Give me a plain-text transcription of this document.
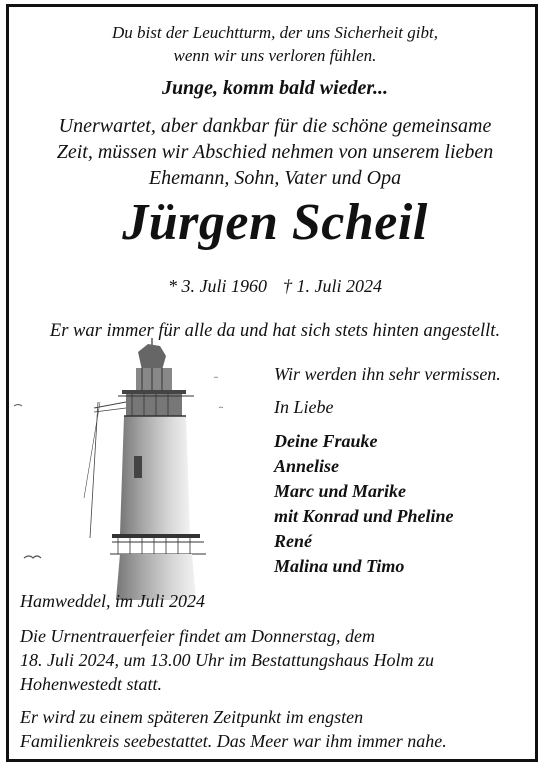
Du bist der Leuchtturm, der uns Sicherheit gibt,
wenn wir uns verloren fühlen.
Junge, komm bald wieder...
Unerwartet, aber dankbar für die schöne gemeinsame
Zeit, müssen wir Abschied nehmen von unserem lieben
Ehemann, Sohn, Vater und Opa
Jürgen Scheil
* 3. Juli 1960 † 1. Juli 2024
Er war immer für alle da und hat sich stets hinten angestellt.
Wir werden ihn sehr vermissen.
In Liebe
Deine Frauke
Annelise
Marc und Marike
mit Konrad und Pheline
René
Malina und Timo
Hamweddel, im Juli 2024
Die Urnentrauerfeier findet am Donnerstag, dem
18. Juli 2024, um 13.00 Uhr im Bestattungshaus Holm zu
Hohenwestedt statt.
Er wird zu einem späteren Zeitpunkt im engsten
Familienkreis seebestattet. Das Meer war ihm immer nahe.
